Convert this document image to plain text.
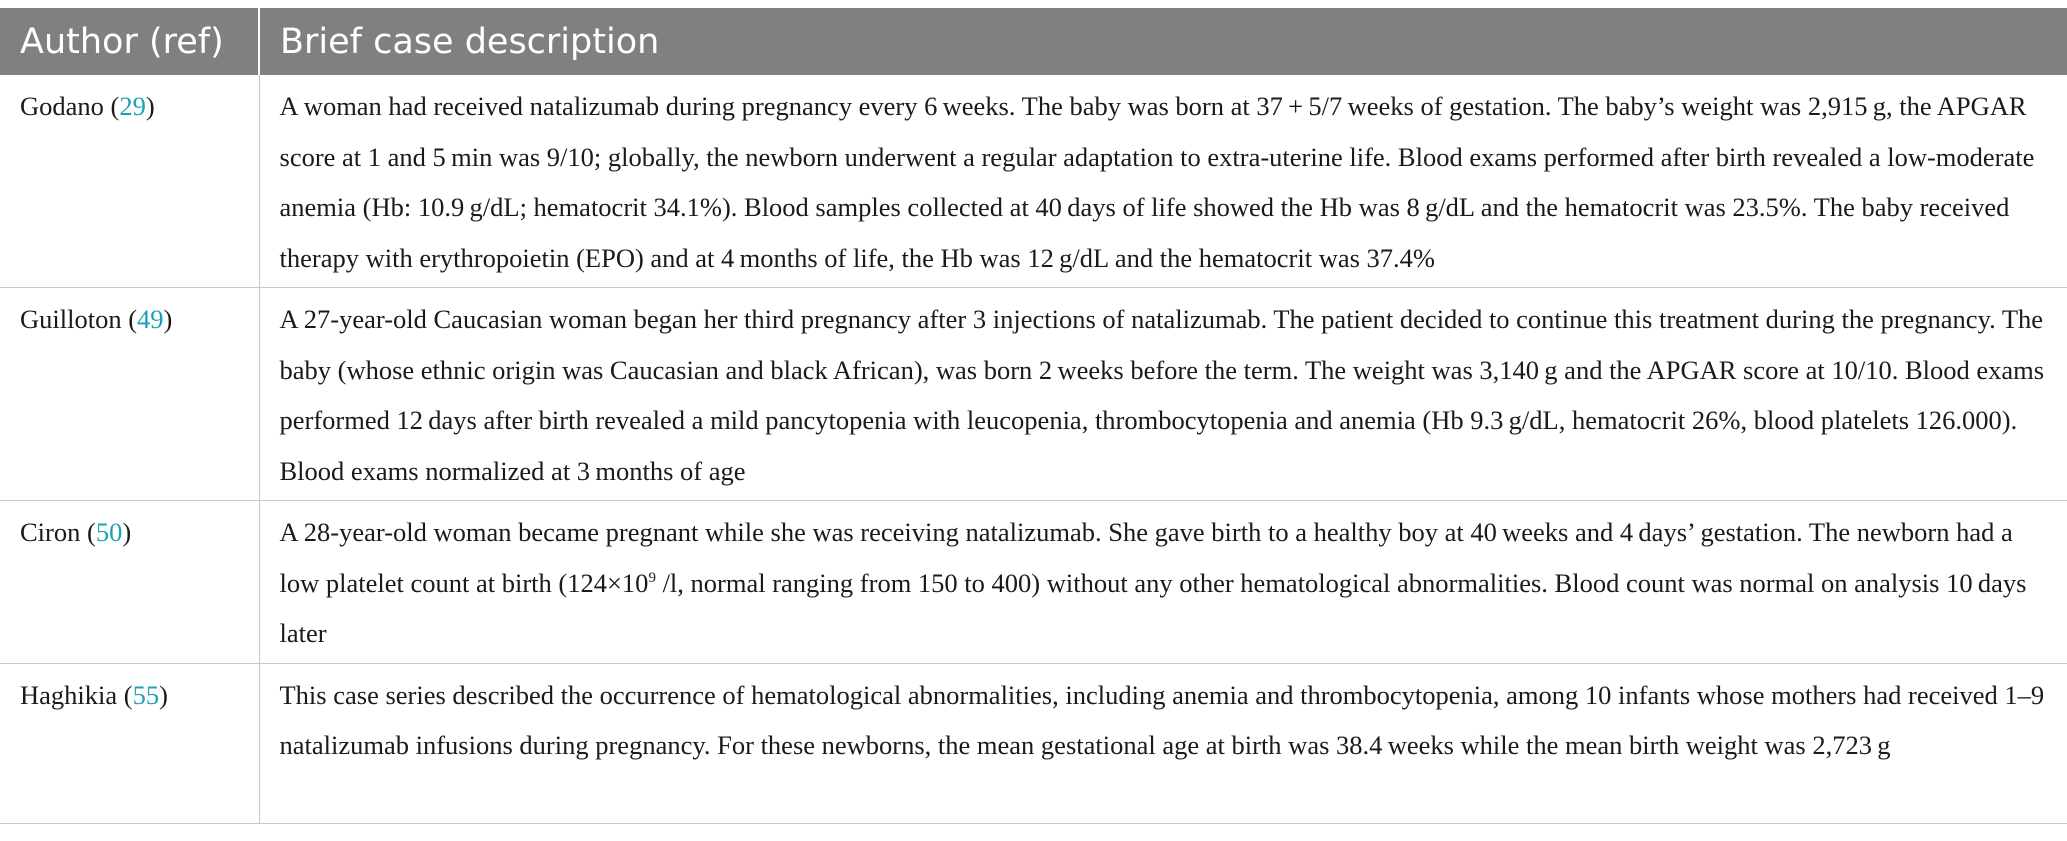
Author (ref)	Brief case description
Godano (29)	A woman had received natalizumab during pregnancy every 6 weeks. The baby was born at 37 + 5/7 weeks of gestation. The baby’s weight was 2,915 g, the APGAR score at 1 and 5 min was 9/10; globally, the newborn underwent a regular adaptation to extra-uterine life. Blood exams performed after birth revealed a low-moderate anemia (Hb: 10.9 g/dL; hematocrit 34.1%). Blood samples collected at 40 days of life showed the Hb was 8 g/dL and the hematocrit was 23.5%. The baby received therapy with erythropoietin (EPO) and at 4 months of life, the Hb was 12 g/dL and the hematocrit was 37.4%
Guilloton (49)	A 27-year-old Caucasian woman began her third pregnancy after 3 injections of natalizumab. The patient decided to continue this treatment during the pregnancy. The baby (whose ethnic origin was Caucasian and black African), was born 2 weeks before the term. The weight was 3,140 g and the APGAR score at 10/10. Blood exams performed 12 days after birth revealed a mild pancytopenia with leucopenia, thrombocytopenia and anemia (Hb 9.3 g/dL, hematocrit 26%, blood platelets 126.000). Blood exams normalized at 3 months of age
Ciron (50)	A 28-year-old woman became pregnant while she was receiving natalizumab. She gave birth to a healthy boy at 40 weeks and 4 days’ gestation. The newborn had a low platelet count at birth ($124\times 10^9$ /l, normal ranging from 150 to 400) without any other hematological abnormalities. Blood count was normal on analysis 10 days later
Haghikia (55)	This case series described the occurrence of hematological abnormalities, including anemia and thrombocytopenia, among 10 infants whose mothers had received 1–9 natalizumab infusions during pregnancy. For these newborns, the mean gestational age at birth was 38.4 weeks while the mean birth weight was 2,723 g
